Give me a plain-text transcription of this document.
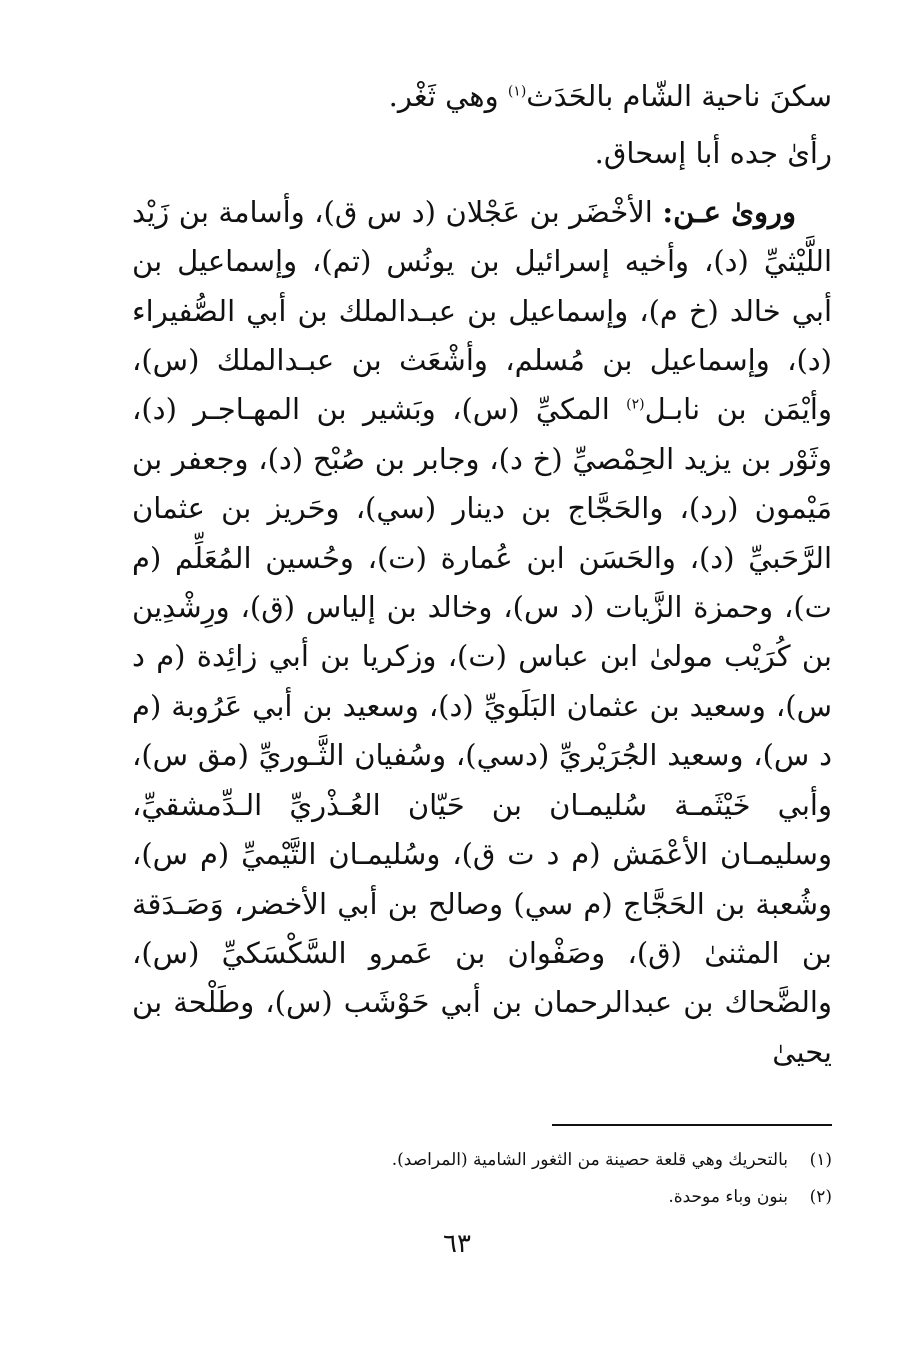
سكنَ ناحية الشّام بالحَدَث$^{(١)}$ وهي ثَغْر.

رأىٰ جده أبا إسحاق.

وروىٰ عـن: الأخْضَر بن عَجْلان (د س ق)، وأسامة بن زَيْد اللَّيْثيِّ (د)، وأخيه إسرائيل بن يونُس (تم)، وإسماعيل بن أبي خالد (خ م)، وإسماعيل بن عبـدالملك بن أبي الصُّفيراء (د)، وإسماعيل بن مُسلم، وأشْعَث بن عبـدالملك (س)، وأيْمَن بن نابـل$^{(٢)}$ المكيِّ (س)، وبَشير بن المهـاجـر (د)، وثَوْر بن يزيد الحِمْصيِّ (خ د)، وجابر بن صُبْح (د)، وجعفر بن مَيْمون (رد)، والحَجَّاج بن دينار (سي)، وحَريز بن عثمان الرَّحَبيِّ (د)، والحَسَن ابن عُمارة (ت)، وحُسين المُعَلِّم (م ت)، وحمزة الزَّيات (د س)، وخالد بن إلياس (ق)، ورِشْدِين بن كُرَيْب مولىٰ ابن عباس (ت)، وزكريا بن أبي زائِدة (م د س)، وسعيد بن عثمان البَلَويِّ (د)، وسعيد بن أبي عَرُوبة (م د س)، وسعيد الجُرَيْريِّ (دسي)، وسُفيان الثَّـوريِّ (مق س)، وأبي خَيْثَمـة سُليمـان بن حَيّان العُـذْريِّ الـدِّمشقيِّ، وسليمـان الأعْمَش (م د ت ق)، وسُليمـان التَّيْميِّ (م س)، وشُعبة بن الحَجَّاج (م سي) وصالح بن أبي الأخضر، وَصَـدَقة بن المثنىٰ (ق)، وصَفْوان بن عَمرو السَّكْسَكيِّ (س)، والضَّحاك بن عبدالرحمان بن أبي حَوْشَب (س)، وطَلْحة بن يحيىٰ

(١)بالتحريك وهي قلعة حصينة من الثغور الشامية (المراصد).
(٢)بنون وباء موحدة.
٦٣
